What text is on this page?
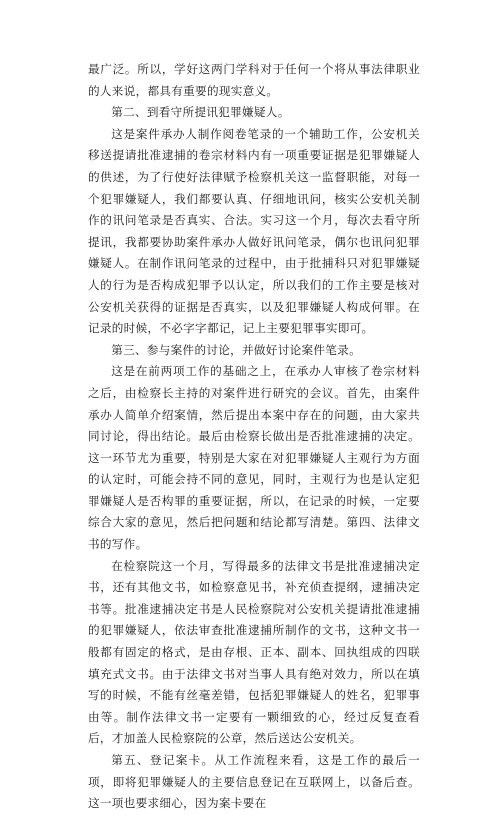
最广泛。所以，学好这两门学科对于任何一个将从事法律职业的人来说，都具有重要的现实意义。

第二、到看守所提讯犯罪嫌疑人。

这是案件承办人制作阅卷笔录的一个辅助工作，公安机关移送提请批准逮捕的卷宗材料内有一项重要证据是犯罪嫌疑人的供述，为了行使好法律赋予检察机关这一监督职能，对每一个犯罪嫌疑人，我们都要认真、仔细地讯问，核实公安机关制作的讯问笔录是否真实、合法。实习这一个月，每次去看守所提讯，我都要协助案件承办人做好讯问笔录，偶尔也讯问犯罪嫌疑人。在制作讯问笔录的过程中，由于批捕科只对犯罪嫌疑人的行为是否构成犯罪予以认定，所以我们的工作主要是核对公安机关获得的证据是否真实，以及犯罪嫌疑人构成何罪。在记录的时候，不必字字都记，记上主要犯罪事实即可。

第三、参与案件的讨论，并做好讨论案件笔录。

这是在前两项工作的基础之上，在承办人审核了卷宗材料之后，由检察长主持的对案件进行研究的会议。首先，由案件承办人简单介绍案情，然后提出本案中存在的问题，由大家共同讨论，得出结论。最后由检察长做出是否批准逮捕的决定。这一环节尤为重要，特别是大家在对犯罪嫌疑人主观行为方面的认定时，可能会持不同的意见，同时，主观行为也是认定犯罪嫌疑人是否构罪的重要证据，所以，在记录的时候，一定要综合大家的意见，然后把问题和结论都写清楚。第四、法律文书的写作。

在检察院这一个月，写得最多的法律文书是批准逮捕决定书，还有其他文书，如检察意见书，补充侦查提纲，逮捕决定书等。批准逮捕决定书是人民检察院对公安机关提请批准逮捕的犯罪嫌疑人，依法审查批准逮捕所制作的文书，这种文书一般都有固定的格式，是由存根、正本、副本、回执组成的四联填充式文书。由于法律文书对当事人具有绝对效力，所以在填写的时候，不能有丝毫差错，包括犯罪嫌疑人的姓名，犯罪事由等。制作法律文书一定要有一颗细致的心，经过反复查看后，才加盖人民检察院的公章，然后送达公安机关。

第五、登记案卡。从工作流程来看，这是工作的最后一项，即将犯罪嫌疑人的主要信息登记在互联网上，以备后查。这一项也要求细心，因为案卡要在
